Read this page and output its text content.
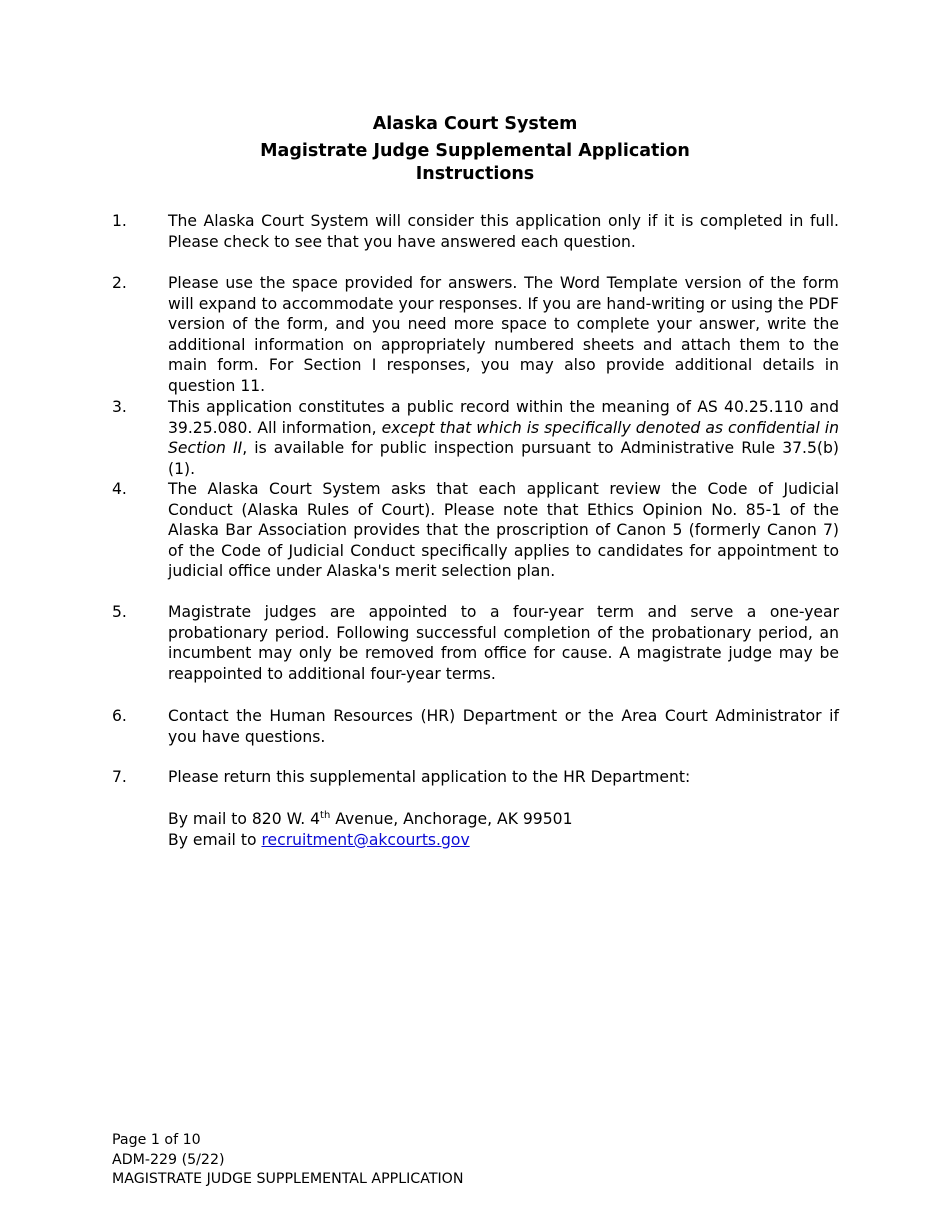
Alaska Court System
Magistrate Judge Supplemental Application
Instructions
1.	The Alaska Court System will consider this application only if it is completed in full. Please check to see that you have answered each question.
2.	Please use the space provided for answers. The Word Template version of the form will expand to accommodate your responses. If you are hand-writing or using the PDF version of the form, and you need more space to complete your answer, write the additional information on appropriately numbered sheets and attach them to the main form. For Section I responses, you may also provide additional details in question 11.
3.	This application constitutes a public record within the meaning of AS 40.25.110 and 39.25.080. All information, except that which is specifically denoted as confidential in Section II, is available for public inspection pursuant to Administrative Rule 37.5(b)(1).
4.	The Alaska Court System asks that each applicant review the Code of Judicial Conduct (Alaska Rules of Court). Please note that Ethics Opinion No. 85-1 of the Alaska Bar Association provides that the proscription of Canon 5 (formerly Canon 7) of the Code of Judicial Conduct specifically applies to candidates for appointment to judicial office under Alaska's merit selection plan.
5.	Magistrate judges are appointed to a four-year term and serve a one-year probationary period. Following successful completion of the probationary period, an incumbent may only be removed from office for cause. A magistrate judge may be reappointed to additional four-year terms.
6.	Contact the Human Resources (HR) Department or the Area Court Administrator if you have questions.
7.	Please return this supplemental application to the HR Department:
By mail to 820 W. 4th Avenue, Anchorage, AK 99501
By email to recruitment@akcourts.gov
Page 1 of 10
ADM-229 (5/22)
MAGISTRATE JUDGE SUPPLEMENTAL APPLICATION
